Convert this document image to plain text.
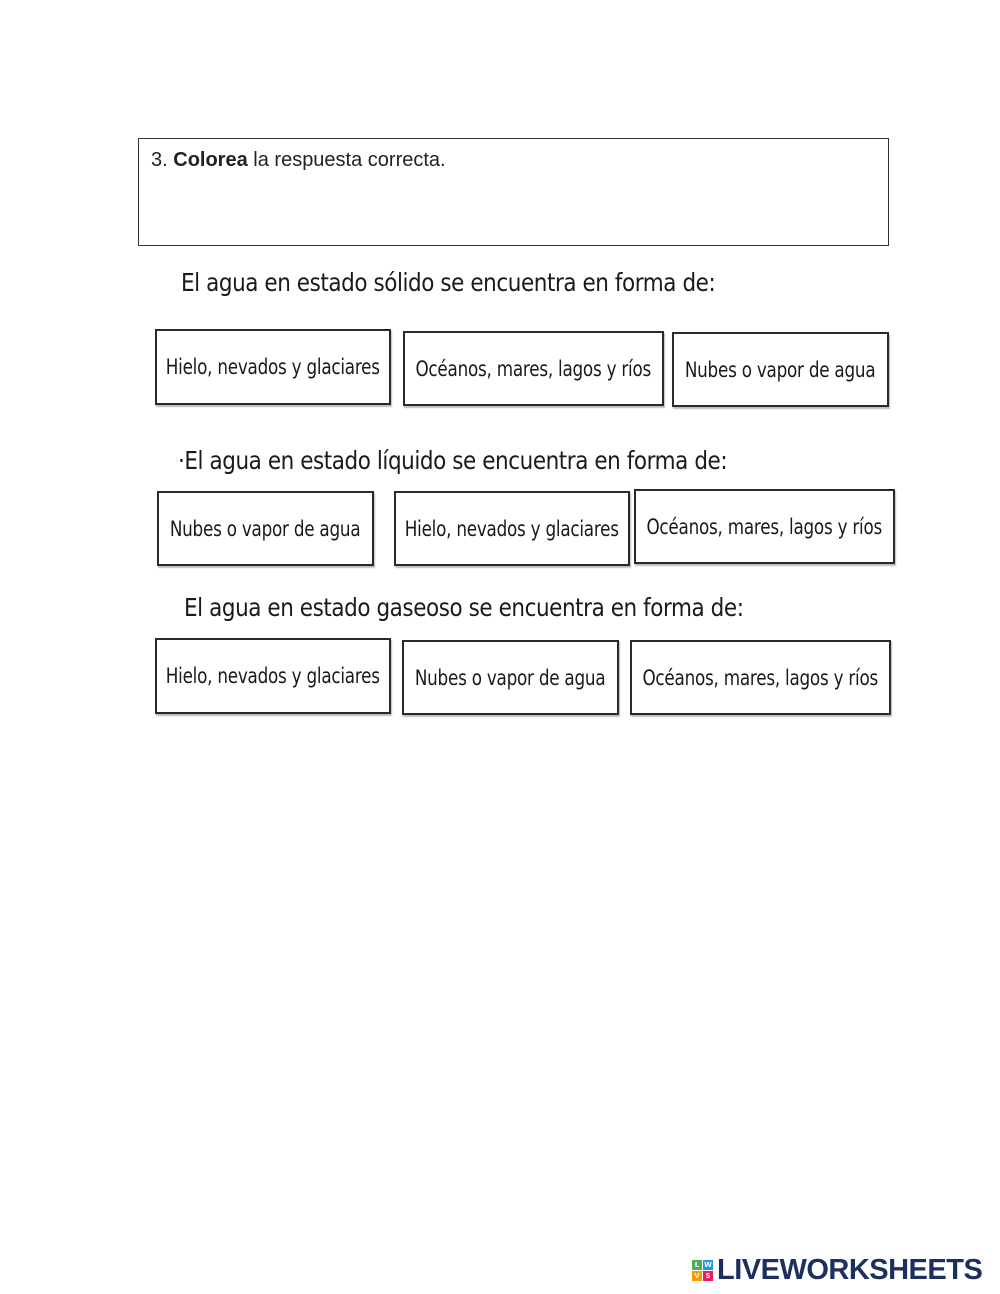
3. Colorea la respuesta correcta.
El agua en estado sólido se encuentra en forma de:
Hielo, nevados y glaciares Océanos, mares, lagos y ríos Nubes o vapor de agua
·El agua en estado líquido se encuentra en forma de:
Nubes o vapor de agua Hielo, nevados y glaciares Océanos, mares, lagos y ríos
El agua en estado gaseoso se encuentra en forma de:
Hielo, nevados y glaciares Nubes o vapor de agua Océanos, mares, lagos y ríos
L W
V S LIVEWORKSHEETS
